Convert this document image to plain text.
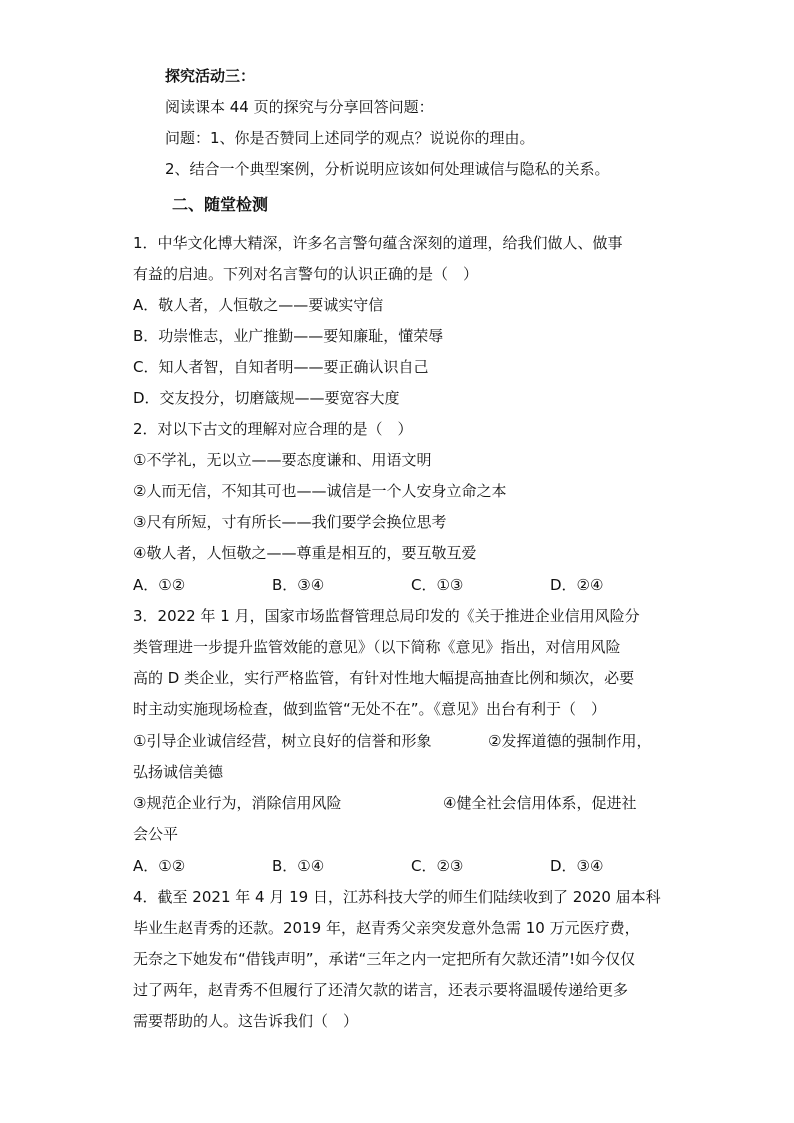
探究活动三：
阅读课本 44 页的探究与分享回答问题：
问题：1、你是否赞同上述同学的观点？说说你的理由。
2、结合一个典型案例，分析说明应该如何处理诚信与隐私的关系。
二、随堂检测
1．中华文化博大精深，许多名言警句蕴含深刻的道理，给我们做人、做事
有益的启迪。下列对名言警句的认识正确的是（　）
A．敬人者，人恒敬之——要诚实守信
B．功崇惟志，业广推勤——要知廉耻，懂荣辱
C．知人者智，自知者明——要正确认识自己
D．交友投分，切磨箴规——要宽容大度
2．对以下古文的理解对应合理的是（　）
①不学礼，无以立——要态度谦和、用语文明
②人而无信，不知其可也——诚信是一个人安身立命之本
③尺有所短，寸有所长——我们要学会换位思考
④敬人者，人恒敬之——尊重是相互的，要互敬互爱
A．①②	B．③④	C．①③	D．②④
3．2022 年 1 月，国家市场监督管理总局印发的《关于推进企业信用风险分
类管理进一步提升监管效能的意见》（以下简称《意见》指出，对信用风险
高的 D 类企业，实行严格监管，有针对性地大幅提高抽查比例和频次，必要
时主动实施现场检查，做到监管“无处不在”。《意见》出台有利于（　）
①引导企业诚信经营，树立良好的信誉和形象	②发挥道德的强制作用，
弘扬诚信美德
③规范企业行为，消除信用风险	④健全社会信用体系，促进社
会公平
A．①②	B．①④	C．②③	D．③④
4．截至 2021 年 4 月 19 日，江苏科技大学的师生们陆续收到了 2020 届本科
毕业生赵青秀的还款。2019 年，赵青秀父亲突发意外急需 10 万元医疗费，
无奈之下她发布“借钱声明”，承诺“三年之内一定把所有欠款还清”!如今仅仅
过了两年，赵青秀不但履行了还清欠款的诺言，还表示要将温暖传递给更多
需要帮助的人。这告诉我们（　）
